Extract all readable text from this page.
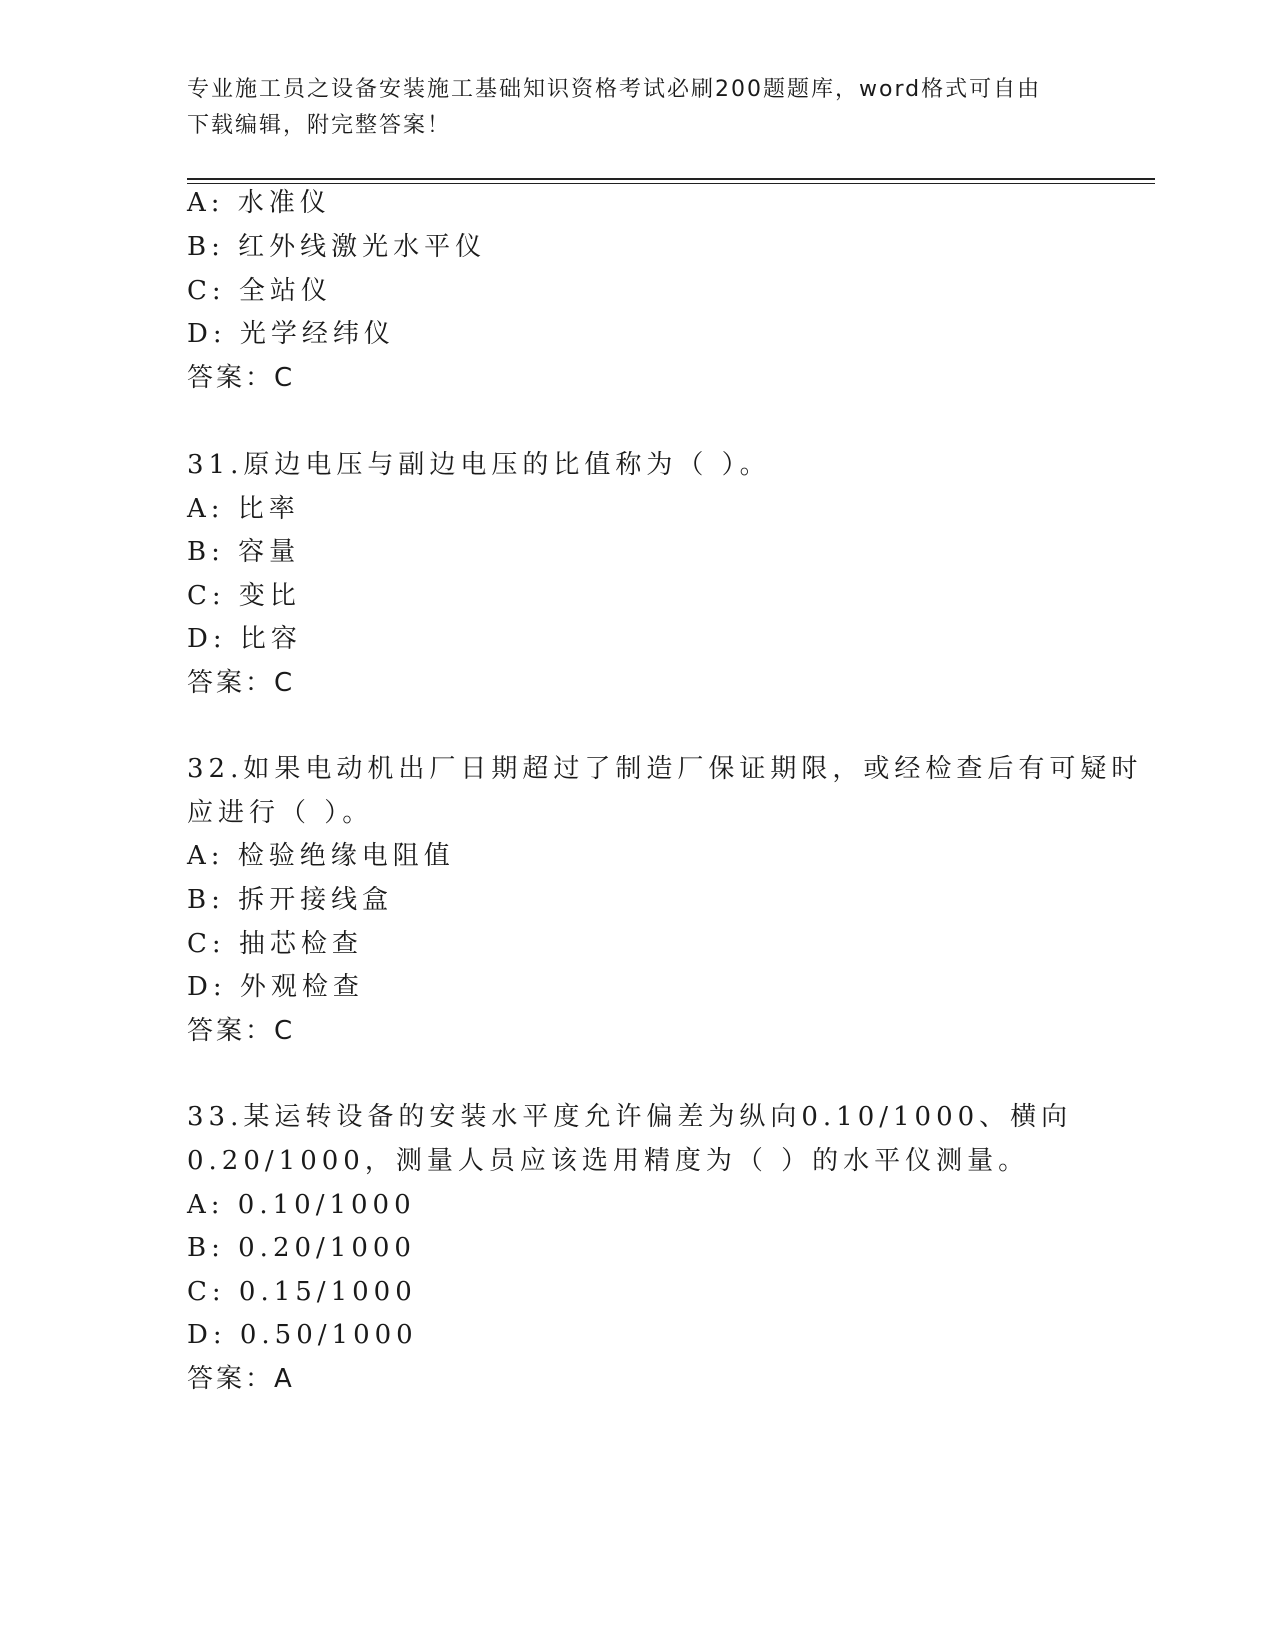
专业施工员之设备安装施工基础知识资格考试必刷200题题库，word格式可自由
下载编辑，附完整答案！
A: 水准仪
B: 红外线激光水平仪
C: 全站仪
D: 光学经纬仪
答案：C
31.原边电压与副边电压的比值称为（ ）。
A: 比率
B: 容量
C: 变比
D: 比容
答案：C
32.如果电动机出厂日期超过了制造厂保证期限，或经检查后有可疑时
应进行（ ）。
A: 检验绝缘电阻值
B: 拆开接线盒
C: 抽芯检查
D: 外观检查
答案：C
33.某运转设备的安装水平度允许偏差为纵向0.10/1000、横向
0.20/1000，测量人员应该选用精度为（ ）的水平仪测量。
A: 0.10/1000
B: 0.20/1000
C: 0.15/1000
D: 0.50/1000
答案：A
